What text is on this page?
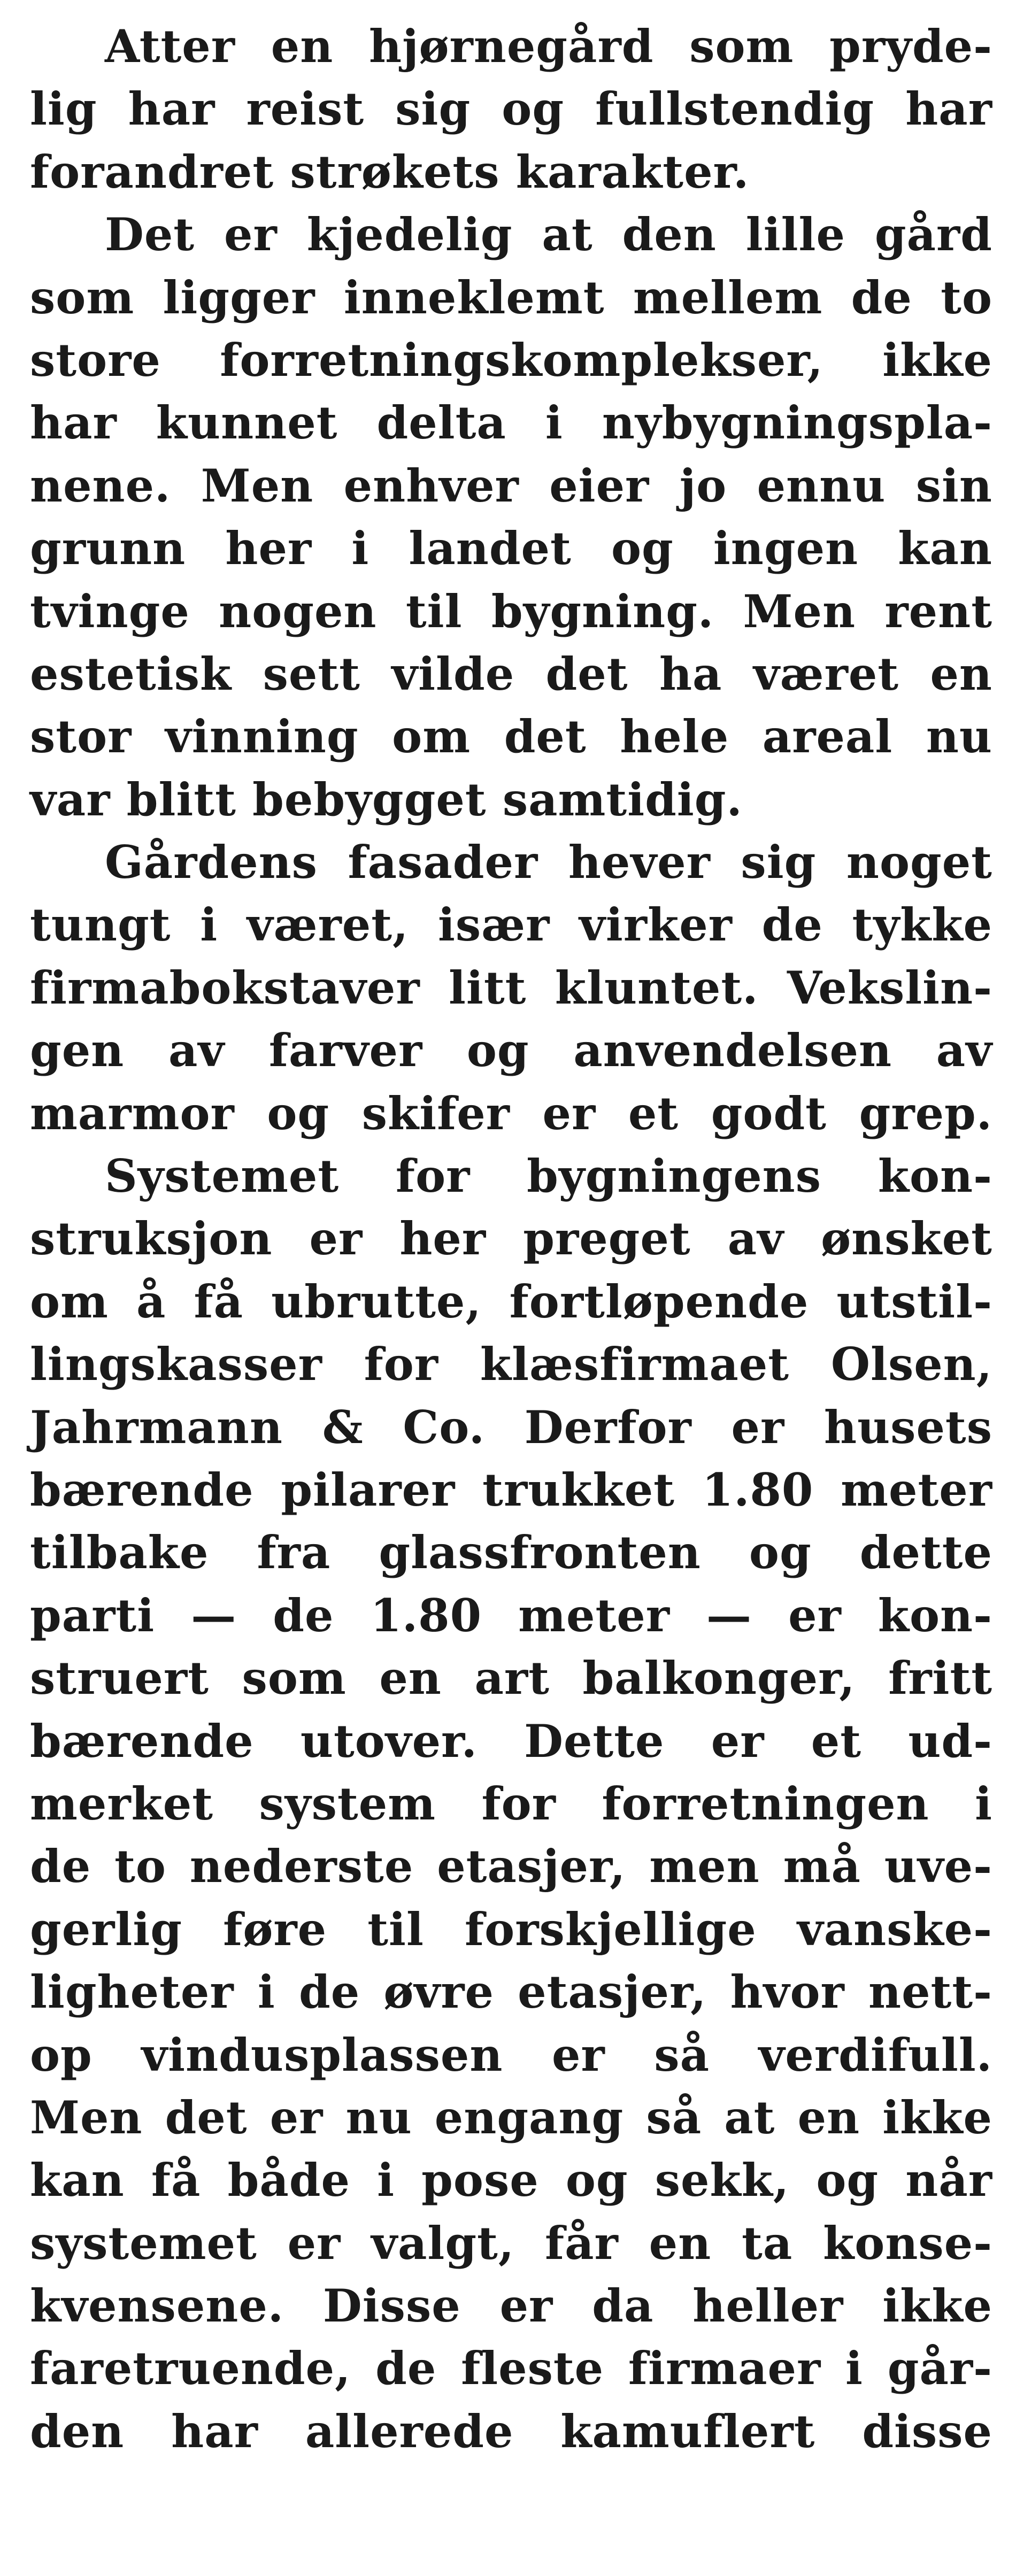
Atter en hjørnegård som pryde-
lig har reist sig og fullstendig har
forandret strøkets karakter.
Det er kjedelig at den lille gård
som ligger inneklemt mellem de to
store forretningskomplekser, ikke
har kunnet delta i nybygningspla-
nene. Men enhver eier jo ennu sin
grunn her i landet og ingen kan
tvinge nogen til bygning. Men rent
estetisk sett vilde det ha været en
stor vinning om det hele areal nu
var blitt bebygget samtidig.
Gårdens fasader hever sig noget
tungt i været, især virker de tykke
firmabokstaver litt kluntet. Vekslin-
gen av farver og anvendelsen av
marmor og skifer er et godt grep.
Systemet for bygningens kon-
struksjon er her preget av ønsket
om å få ubrutte, fortløpende utstil-
lingskasser for klæsfirmaet Olsen,
Jahrmann & Co. Derfor er husets
bærende pilarer trukket 1.80 meter
tilbake fra glassfronten og dette
parti — de 1.80 meter — er kon-
struert som en art balkonger, fritt
bærende utover. Dette er et ud-
merket system for forretningen i
de to nederste etasjer, men må uve-
gerlig føre til forskjellige vanske-
ligheter i de øvre etasjer, hvor nett-
op vindusplassen er så verdifull.
Men det er nu engang så at en ikke
kan få både i pose og sekk, og når
systemet er valgt, får en ta konse-
kvensene. Disse er da heller ikke
faretruende, de fleste firmaer i går-
den har allerede kamuflert disse
